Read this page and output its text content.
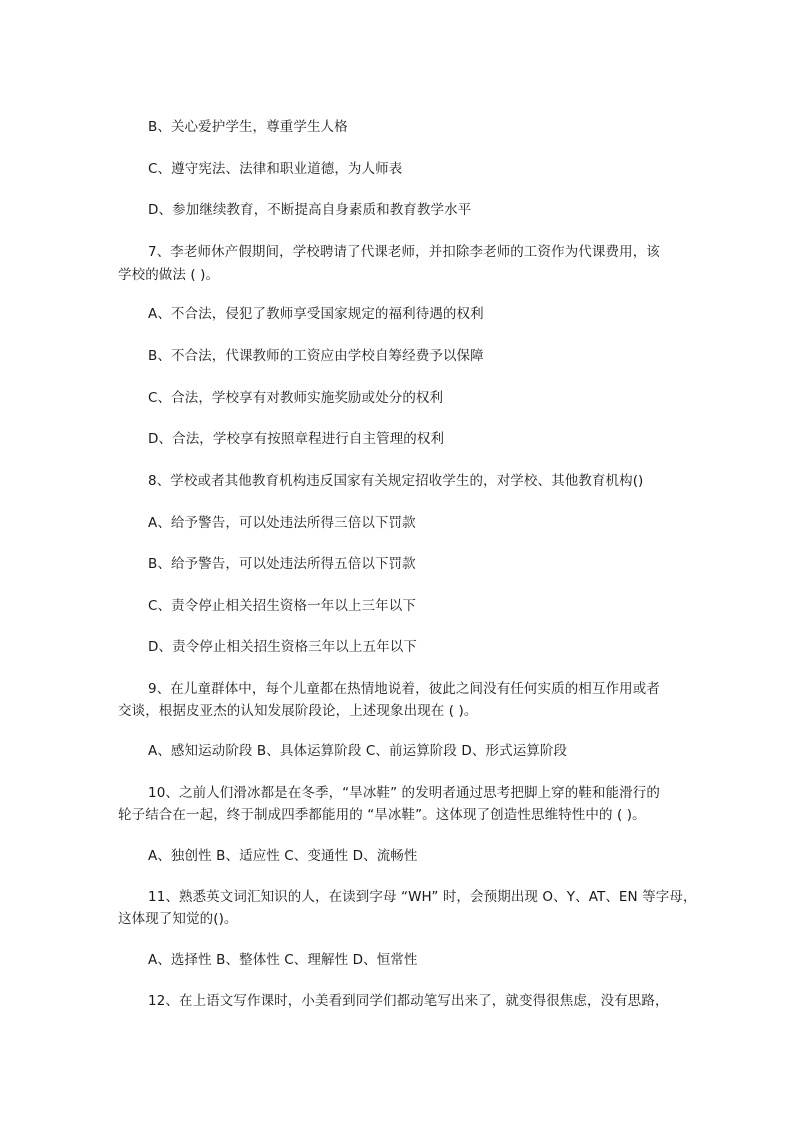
B、关心爱护学生，尊重学生人格
C、遵守宪法、法律和职业道德，为人师表
D、参加继续教育，不断提高自身素质和教育教学水平
7、李老师休产假期间，学校聘请了代课老师，并扣除李老师的工资作为代课费用，该
学校的做法 ( )。
A、不合法，侵犯了教师享受国家规定的福利待遇的权利
B、不合法，代课教师的工资应由学校自筹经费予以保障
C、合法，学校享有对教师实施奖励或处分的权利
D、合法，学校享有按照章程进行自主管理的权利
8、学校或者其他教育机构违反国家有关规定招收学生的，对学校、其他教育机构()
A、给予警告，可以处违法所得三倍以下罚款
B、给予警告，可以处违法所得五倍以下罚款
C、责令停止相关招生资格一年以上三年以下
D、责令停止相关招生资格三年以上五年以下
9、在儿童群体中，每个儿童都在热情地说着，彼此之间没有任何实质的相互作用或者
交谈，根据皮亚杰的认知发展阶段论，上述现象出现在 ( )。
A、感知运动阶段 B、具体运算阶段 C、前运算阶段 D、形式运算阶段
10、之前人们滑冰都是在冬季，“旱冰鞋” 的发明者通过思考把脚上穿的鞋和能滑行的
轮子结合在一起，终于制成四季都能用的 “旱冰鞋”。这体现了创造性思维特性中的 ( )。
A、独创性 B、适应性 C、变通性 D、流畅性
11、熟悉英文词汇知识的人，在读到字母 “WH” 时，会预期出现 O、Y、AT、EN 等字母，
这体现了知觉的()。
A、选择性 B、整体性 C、理解性 D、恒常性
12、在上语文写作课时，小美看到同学们都动笔写出来了，就变得很焦虑，没有思路，
